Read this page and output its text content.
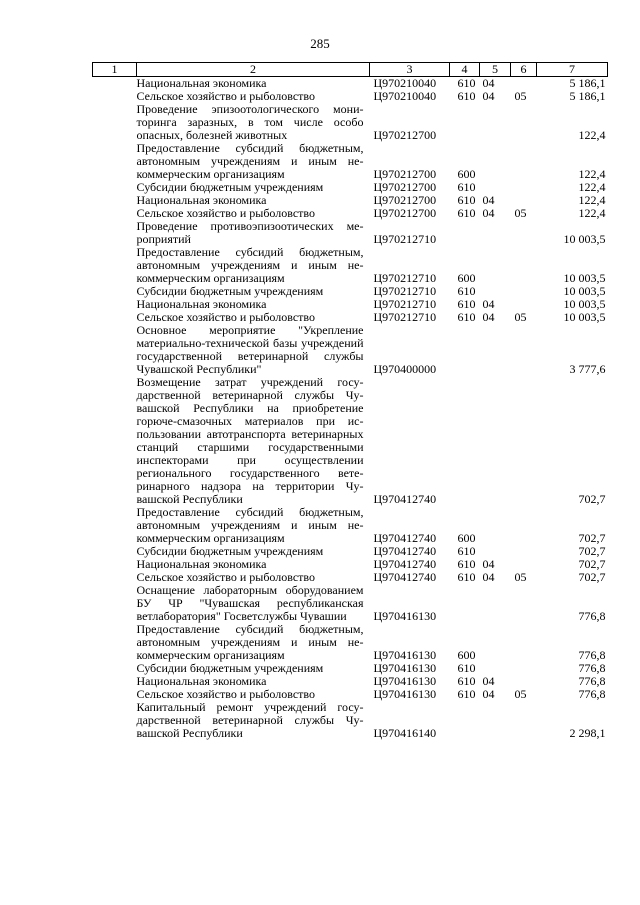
285
1	2	3	4	5	6	7
	Национальная экономика	Ц970210040	610	04		5 186,1
	Сельское хозяйство и рыболовство	Ц970210040	610	04	05	5 186,1
	Проведение эпизоотологического мониторинга заразных, в том числе особо опасных, болезней животных	Ц970212700				122,4
	Предоставление субсидий бюджетным, автономным учреждениям и иным некоммерческим организациям	Ц970212700	600			122,4
	Субсидии бюджетным учреждениям	Ц970212700	610			122,4
	Национальная экономика	Ц970212700	610	04		122,4
	Сельское хозяйство и рыболовство	Ц970212700	610	04	05	122,4
	Проведение противоэпизоотических мероприятий	Ц970212710				10 003,5
	Предоставление субсидий бюджетным, автономным учреждениям и иным некоммерческим организациям	Ц970212710	600			10 003,5
	Субсидии бюджетным учреждениям	Ц970212710	610			10 003,5
	Национальная экономика	Ц970212710	610	04		10 003,5
	Сельское хозяйство и рыболовство	Ц970212710	610	04	05	10 003,5
	Основное мероприятие "Укрепление материально-технической базы учреждений государственной ветеринарной службы Чувашской Республики"	Ц970400000				3 777,6
	Возмещение затрат учреждений государственной ветеринарной службы Чувашской Республики на приобретение горюче-смазочных материалов при использовании автотранспорта ветеринарных станций старшими государственными инспекторами при осуществлении регионального государственного ветеринарного надзора на территории Чувашской Республики	Ц970412740				702,7
	Предоставление субсидий бюджетным, автономным учреждениям и иным некоммерческим организациям	Ц970412740	600			702,7
	Субсидии бюджетным учреждениям	Ц970412740	610			702,7
	Национальная экономика	Ц970412740	610	04		702,7
	Сельское хозяйство и рыболовство	Ц970412740	610	04	05	702,7
	Оснащение лабораторным оборудованием БУ ЧР "Чувашская республиканская ветлаборатория" Госветслужбы Чувашии	Ц970416130				776,8
	Предоставление субсидий бюджетным, автономным учреждениям и иным некоммерческим организациям	Ц970416130	600			776,8
	Субсидии бюджетным учреждениям	Ц970416130	610			776,8
	Национальная экономика	Ц970416130	610	04		776,8
	Сельское хозяйство и рыболовство	Ц970416130	610	04	05	776,8
	Капитальный ремонт учреждений государственной ветеринарной службы Чувашской Республики	Ц970416140				2 298,1
